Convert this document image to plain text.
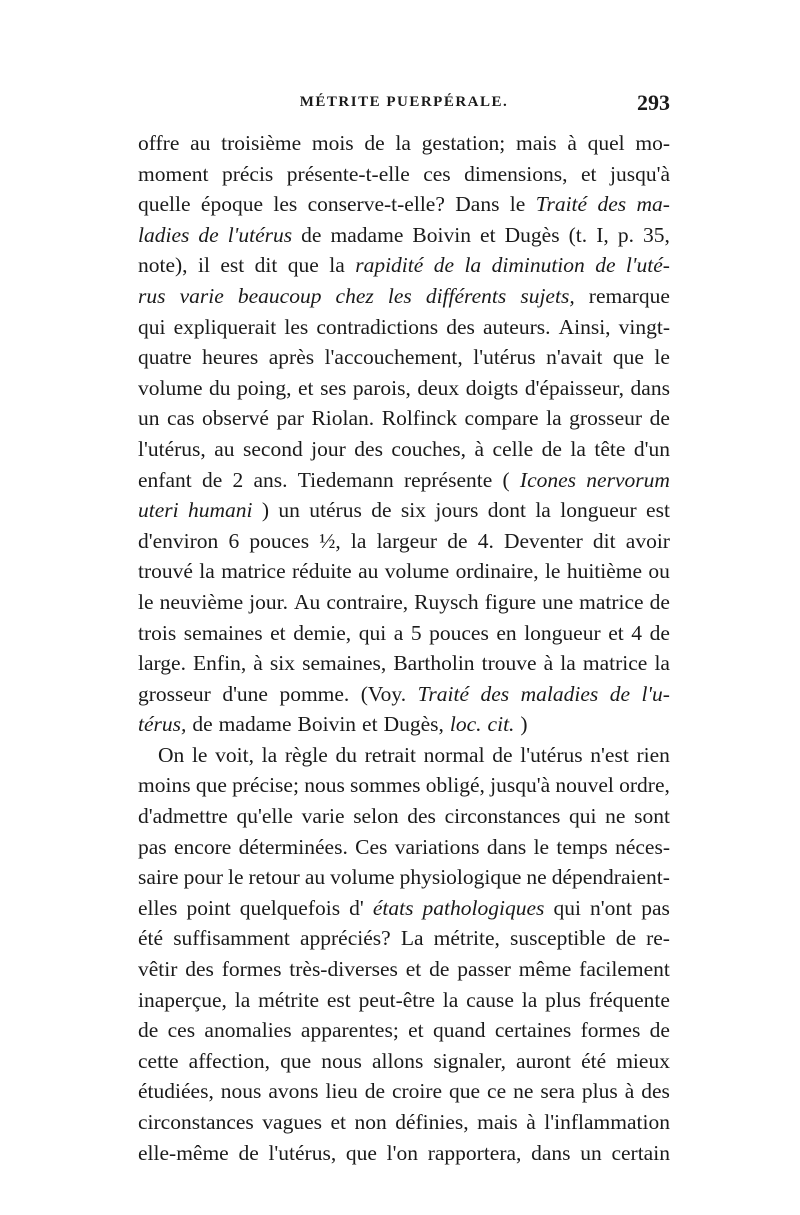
MÉTRITE PUERPÉRALE.	293
offre au troisième mois de la gestation; mais à quel mo-
moment précis présente-t-elle ces dimensions, et jusqu'à
quelle époque les conserve-t-elle? Dans le Traité des ma-
ladies de l'utérus de madame Boivin et Dugès (t. I, p. 35,
note), il est dit que la rapidité de la diminution de l'uté-
rus varie beaucoup chez les différents sujets, remarque
qui expliquerait les contradictions des auteurs. Ainsi, vingt-
quatre heures après l'accouchement, l'utérus n'avait que le
volume du poing, et ses parois, deux doigts d'épaisseur, dans
un cas observé par Riolan. Rolfinck compare la grosseur de
l'utérus, au second jour des couches, à celle de la tête d'un
enfant de 2 ans. Tiedemann représente ( Icones nervorum
uteri humani ) un utérus de six jours dont la longueur est
d'environ 6 pouces ½, la largeur de 4. Deventer dit avoir
trouvé la matrice réduite au volume ordinaire, le huitième ou
le neuvième jour. Au contraire, Ruysch figure une matrice de
trois semaines et demie, qui a 5 pouces en longueur et 4 de
large. Enfin, à six semaines, Bartholin trouve à la matrice la
grosseur d'une pomme. (Voy. Traité des maladies de l'u-
térus, de madame Boivin et Dugès, loc. cit. )
On le voit, la règle du retrait normal de l'utérus n'est rien
moins que précise; nous sommes obligé, jusqu'à nouvel ordre,
d'admettre qu'elle varie selon des circonstances qui ne sont
pas encore déterminées. Ces variations dans le temps néces-
saire pour le retour au volume physiologique ne dépendraient-
elles point quelquefois d' états pathologiques qui n'ont pas
été suffisamment appréciés? La métrite, susceptible de re-
vêtir des formes très-diverses et de passer même facilement
inaperçue, la métrite est peut-être la cause la plus fréquente
de ces anomalies apparentes; et quand certaines formes de
cette affection, que nous allons signaler, auront été mieux
étudiées, nous avons lieu de croire que ce ne sera plus à des
circonstances vagues et non définies, mais à l'inflammation
elle-même de l'utérus, que l'on rapportera, dans un certain
